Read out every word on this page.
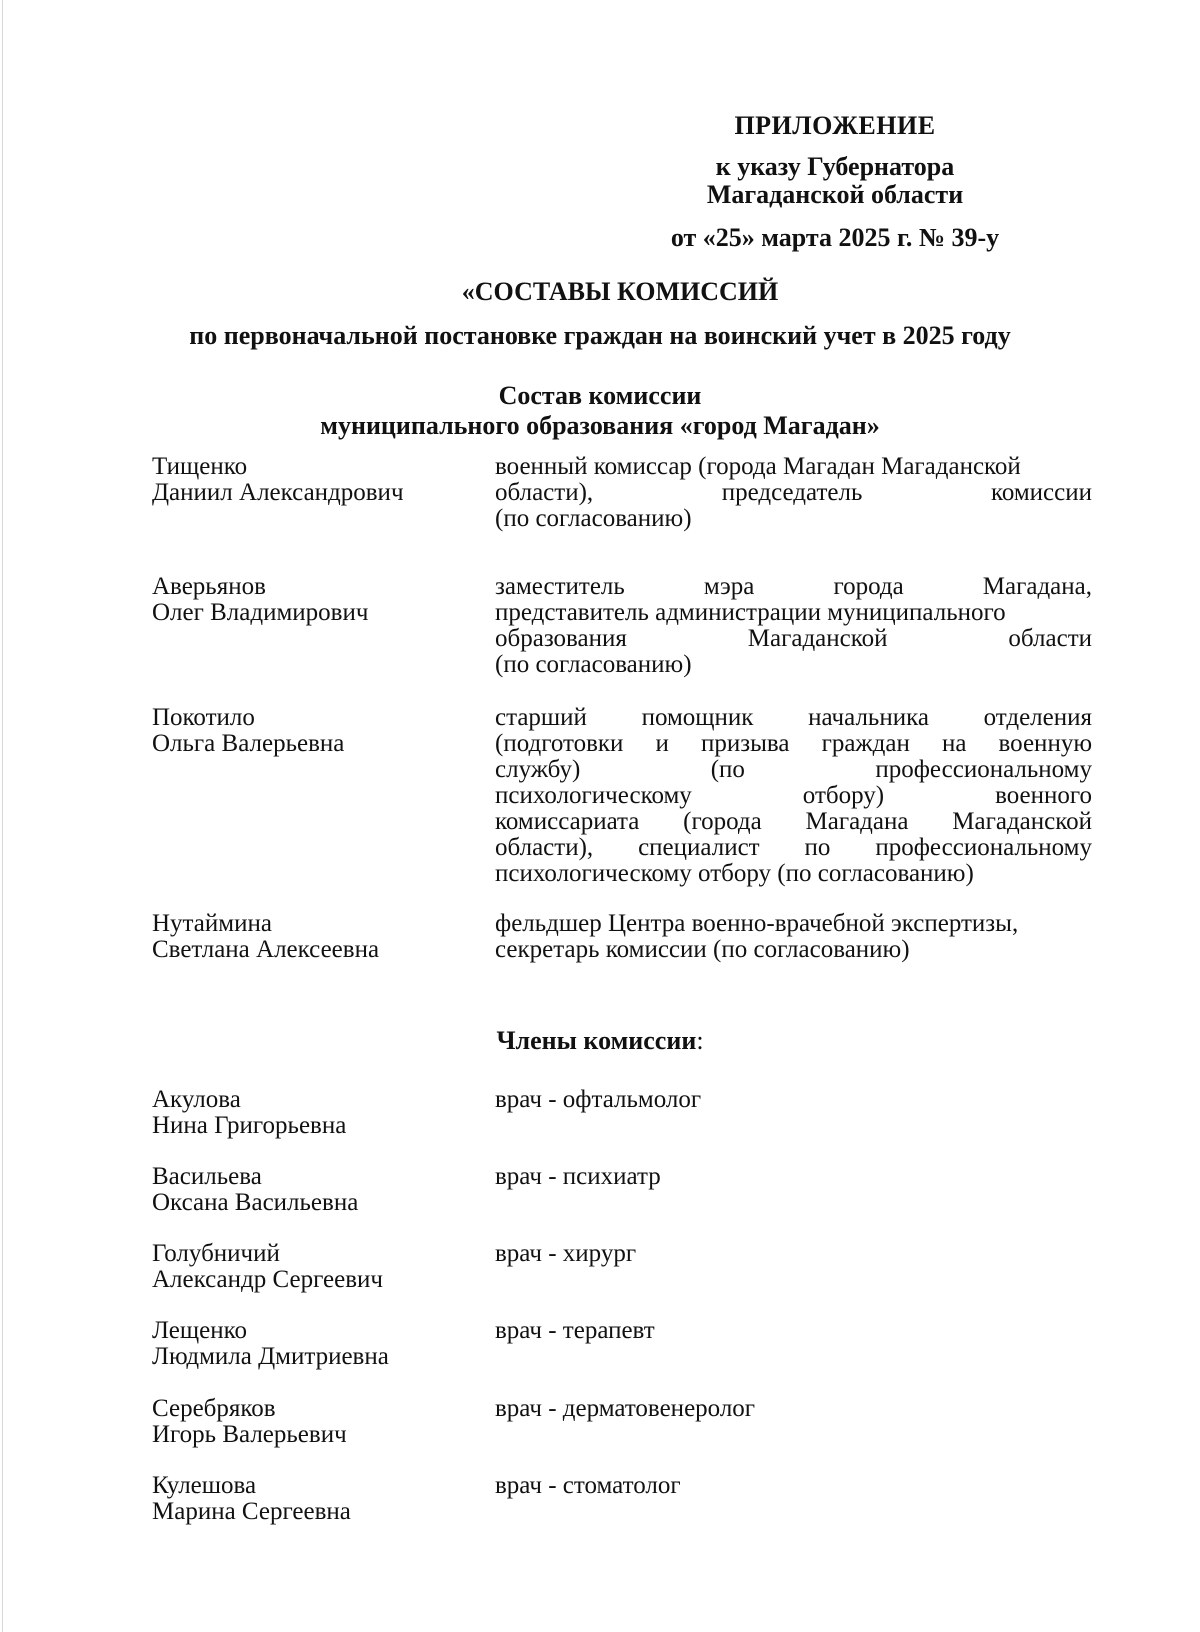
ПРИЛОЖЕНИЕ
к указу Губернатора
Магаданской области
от «25» марта 2025 г. № 39-у
«СОСТАВЫ КОМИССИЙ
по первоначальной постановке граждан на воинский учет в 2025 году
Состав комиссии
муниципального образования «город Магадан»
Тищенко
Даниил Александрович
военный комиссар (города Магадан Магаданской
области), председатель комиссии
(по согласованию)
Аверьянов
Олег Владимирович
заместитель мэра города Магадана,
представитель администрации муниципального
образования Магаданской области
(по согласованию)
Покотило
Ольга Валерьевна
старший помощник начальника отделения
(подготовки и призыва граждан на военную
службу) (по профессиональному
психологическому отбору) военного
комиссариата (города Магадана Магаданской
области), специалист по профессиональному
психологическому отбору (по согласованию)
Нутаймина
Светлана Алексеевна
фельдшер Центра военно-врачебной экспертизы,
секретарь комиссии (по согласованию)
Члены комиссии:
Акулова
Нина Григорьевна
врач - офтальмолог
Васильева
Оксана Васильевна
врач - психиатр
Голубничий
Александр Сергеевич
врач - хирург
Лещенко
Людмила Дмитриевна
врач - терапевт
Серебряков
Игорь Валерьевич
врач - дерматовенеролог
Кулешова
Марина Сергеевна
врач - стоматолог
